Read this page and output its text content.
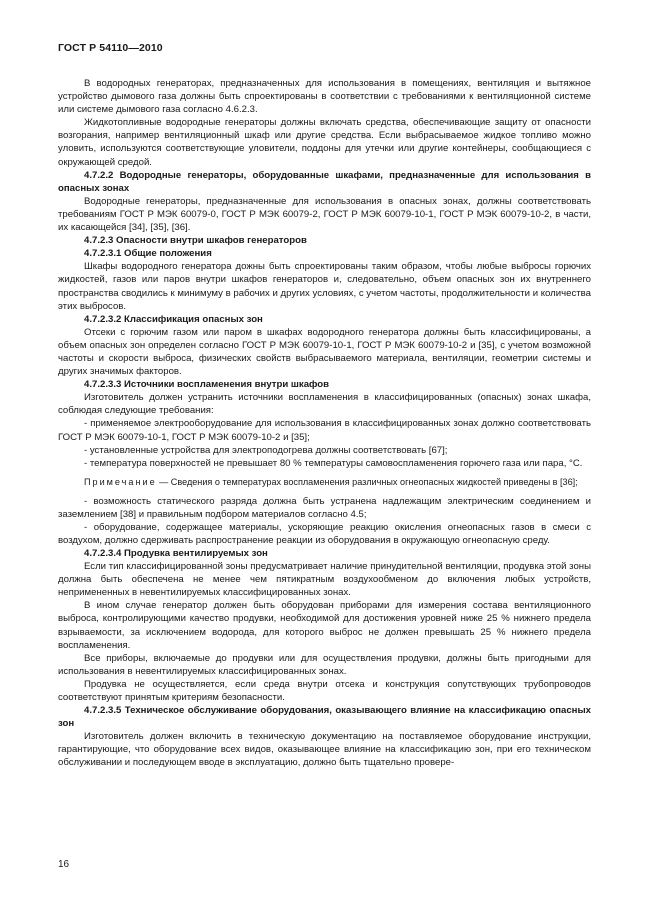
ГОСТ Р 54110—2010

В водородных генераторах, предназначенных для использования в помещениях, вентиляция и вытяжное устройство дымового газа должны быть спроектированы в соответствии с требованиями к вентиляционной системе или системе дымового газа согласно 4.6.2.3.

Жидкотопливные водородные генераторы должны включать средства, обеспечивающие защиту от опасности возгорания, например вентиляционный шкаф или другие средства. Если выбрасываемое жидкое топливо можно уловить, используются соответствующие уловители, поддоны для утечки или другие контейнеры, сообщающиеся с окружающей средой.

4.7.2.2 Водородные генераторы, оборудованные шкафами, предназначенные для использования в опасных зонах

Водородные генераторы, предназначенные для использования в опасных зонах, должны соответствовать требованиям ГОСТ Р МЭК 60079-0, ГОСТ Р МЭК 60079-2, ГОСТ Р МЭК 60079-10-1, ГОСТ Р МЭК 60079-10-2, в части, их касающейся [34], [35], [36].

4.7.2.3 Опасности внутри шкафов генераторов

4.7.2.3.1 Общие положения

Шкафы водородного генератора дожны быть спроектированы таким образом, чтобы любые выбросы горючих жидкостей, газов или паров внутри шкафов генераторов и, следовательно, объем опасных зон их внутреннего пространства сводились к минимуму в рабочих и других условиях, с учетом частоты, продолжительности и количества этих выбросов.

4.7.2.3.2 Классификация опасных зон

Отсеки с горючим газом или паром в шкафах водородного генератора должны быть классифицированы, а объем опасных зон определен согласно ГОСТ Р МЭК 60079-10-1, ГОСТ Р МЭК 60079-10-2 и [35], с учетом возможной частоты и скорости выброса, физических свойств выбрасываемого материала, вентиляции, геометрии системы и других значимых факторов.

4.7.2.3.3 Источники воспламенения внутри шкафов

Изготовитель должен устранить источники воспламенения в классифицированных (опасных) зонах шкафа, соблюдая следующие требования:

- применяемое электрооборудование для использования в классифицированных зонах должно соответствовать ГОСТ Р МЭК 60079-10-1, ГОСТ Р МЭК 60079-10-2 и [35];

- установленные устройства для электроподогрева должны соответствовать [67];

- температура поверхностей не превышает 80 % температуры самовоспламенения горючего газа или пара, °С.

Примечание — Сведения о температурах воспламенения различных огнеопасных жидкостей приведены в [36];

- возможность статического разряда должна быть устранена надлежащим электрическим соединением и заземлением [38] и правильным подбором материалов согласно 4.5;

- оборудование, содержащее материалы, ускоряющие реакцию окисления огнеопасных газов в смеси с воздухом, должно сдерживать распространение реакции из оборудования в окружающую огнеопасную среду.

4.7.2.3.4 Продувка вентилируемых зон

Если тип классифицированной зоны предусматривает наличие принудительной вентиляции, продувка этой зоны должна быть обеспечена не менее чем пятикратным воздухообменом до включения любых устройств, непримененных в невентилируемых классифицированных зонах.

В ином случае генератор должен быть оборудован приборами для измерения состава вентиляционного выброса, контролирующими качество продувки, необходимой для достижения уровней ниже 25 % нижнего предела взрываемости, за исключением водорода, для которого выброс не должен превышать 25 % нижнего предела воспламенения.

Все приборы, включаемые до продувки или для осуществления продувки, должны быть пригодными для использования в невентилируемых классифицированных зонах.

Продувка не осуществляется, если среда внутри отсека и конструкция сопутствующих трубопроводов соответствуют принятым критериям безопасности.

4.7.2.3.5 Техническое обслуживание оборудования, оказывающего влияние на классификацию опасных зон

Изготовитель должен включить в техническую документацию на поставляемое оборудование инструкции, гарантирующие, что оборудование всех видов, оказывающее влияние на классификацию зон, при его техническом обслуживании и последующем вводе в эксплуатацию, должно быть тщательно провере-

16
